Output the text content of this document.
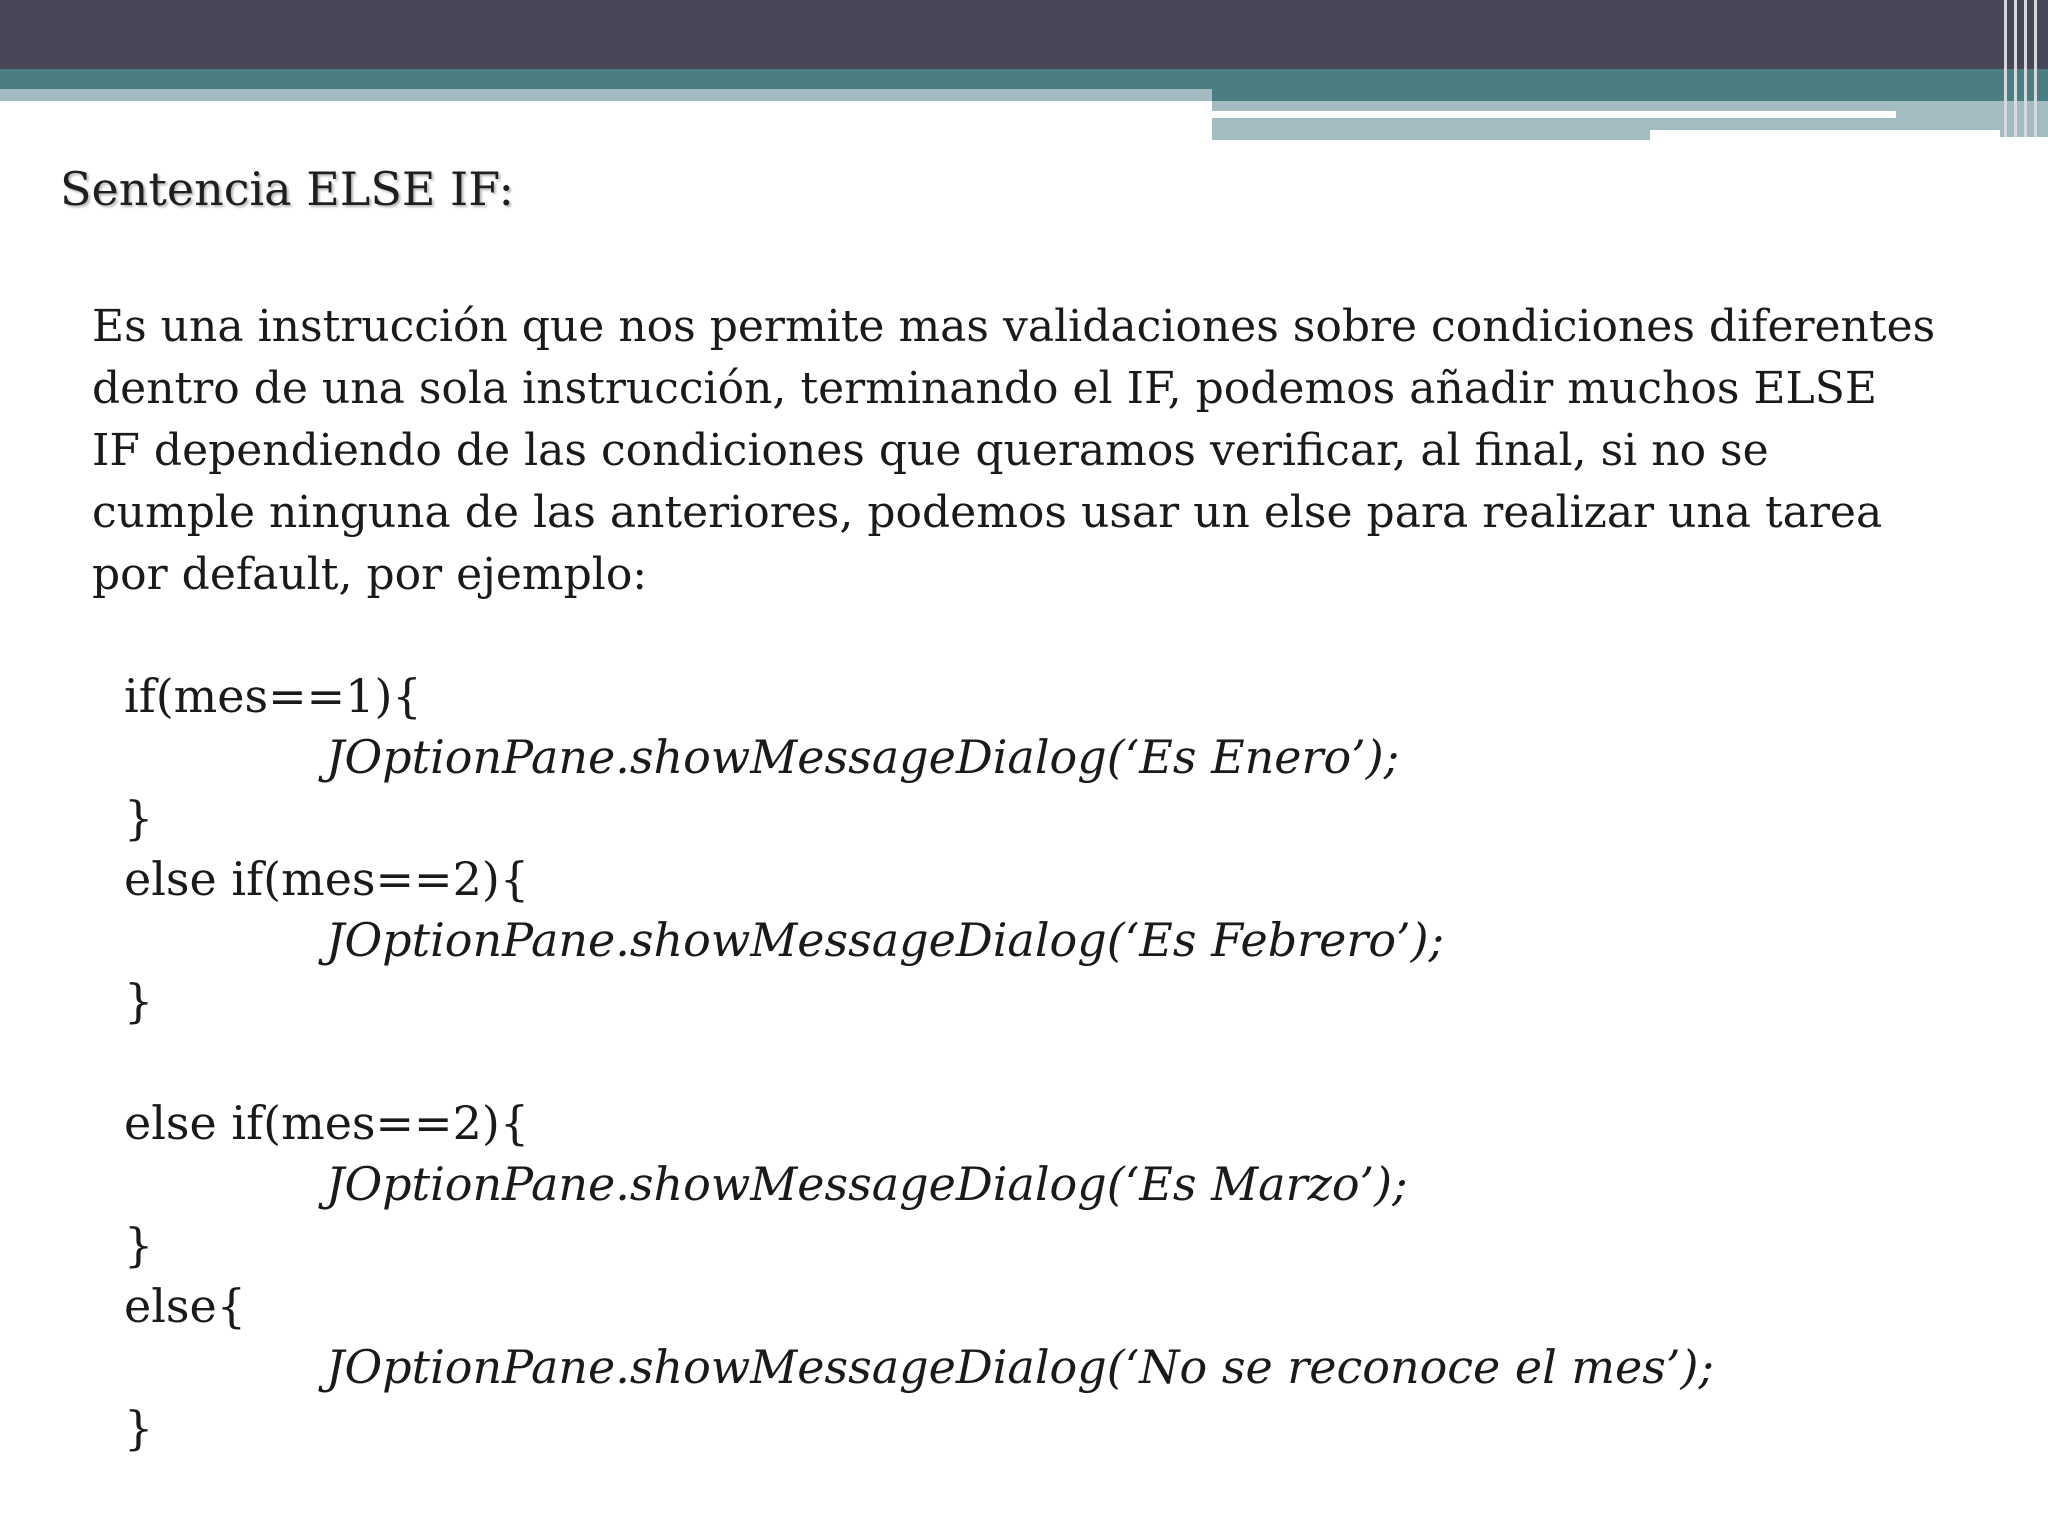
Sentencia ELSE IF:
Es una instrucción que nos permite mas validaciones sobre condiciones diferentes
dentro de una sola instrucción, terminando el IF, podemos añadir muchos ELSE
IF dependiendo de las condiciones que queramos verificar, al final, si no se
cumple ninguna de las anteriores, podemos usar un else para realizar una tarea
por default, por ejemplo:
if(mes==1){
JOptionPane.showMessageDialog(‘Es Enero’);
}
else if(mes==2){
JOptionPane.showMessageDialog(‘Es Febrero’);
}
else if(mes==2){
JOptionPane.showMessageDialog(‘Es Marzo’);
}
else{
JOptionPane.showMessageDialog(‘No se reconoce el mes’);
}
